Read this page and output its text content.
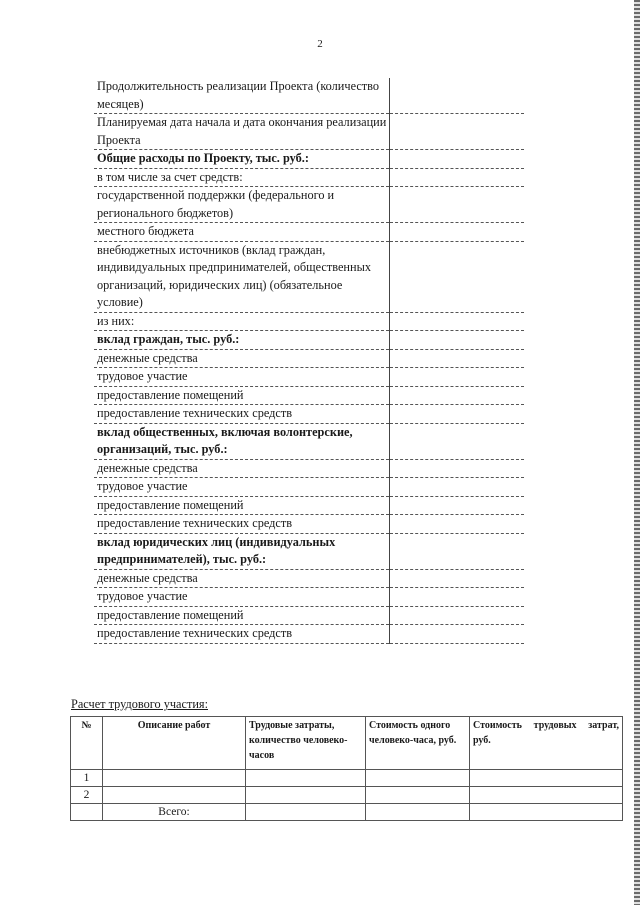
2
Продолжительность реализации Проекта (количество месяцев)	
Планируемая дата начала и дата окончания реализации Проекта	
Общие расходы по Проекту, тыс. руб.:	
в том числе за счет средств:	
государственной поддержки (федерального и регионального бюджетов)	
местного бюджета	
внебюджетных источников (вклад граждан, индивидуальных предпринимателей, общественных организаций, юридических лиц) (обязательное условие)	
из них:	
вклад граждан, тыс. руб.:	
денежные средства	
трудовое участие	
предоставление помещений	
предоставление технических средств	
вклад общественных, включая волонтерские, организаций, тыс. руб.:	
денежные средства	
трудовое участие	
предоставление помещений	
предоставление технических средств	
вклад юридических лиц (индивидуальных предпринимателей), тыс. руб.:	
денежные средства	
трудовое участие	
предоставление помещений	
предоставление технических средств	
Расчет трудового участия:
№	Описание работ	Трудовые затраты, количество человеко-часов	Стоимость одного человеко-часа, руб.	Стоимость трудовых затрат, руб.
1				
2				
	Всего:			
